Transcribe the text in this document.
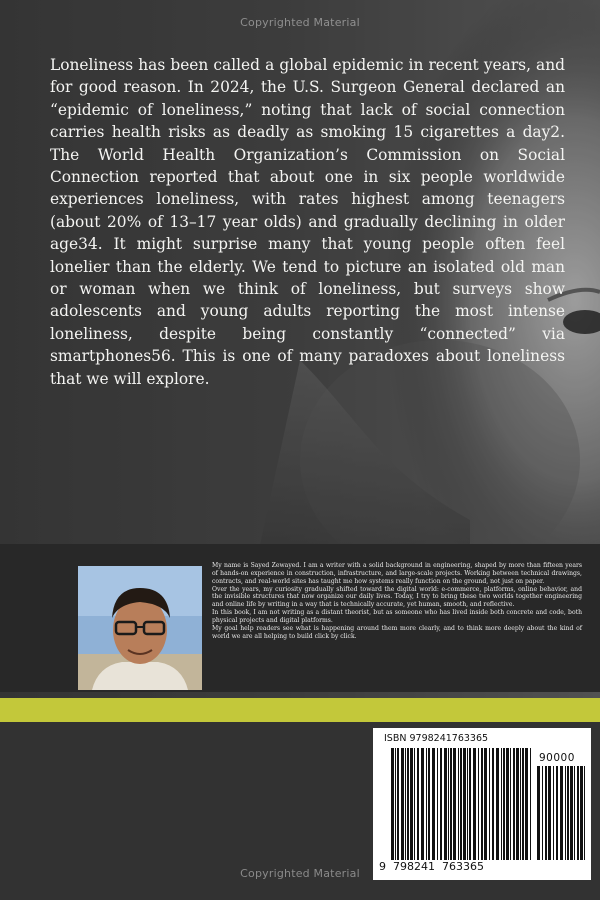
Copyrighted Material

Loneliness has been called a global epidemic in recent years, and for good reason. In 2024, the U.S. Surgeon General declared an “epidemic of loneliness,” noting that lack of social connection carries health risks as deadly as smoking 15 cigarettes a day2. The World Health Organization’s Commission on Social Connection reported that about one in six people worldwide experiences loneliness, with rates highest among teenagers (about 20% of 13–17 year olds) and gradually declining in older age34. It might surprise many that young people often feel lonelier than the elderly. We tend to picture an isolated old man or woman when we think of loneliness, but surveys show adolescents and young adults reporting the most intense loneliness, despite being constantly “connected” via smartphones56. This is one of many paradoxes about loneliness that we will explore.

My name is Sayed Zewayed. I am a writer with a solid background in engineering, shaped by more than fifteen years of hands-on experience in construction, infrastructure, and large-scale projects. Working between technical drawings, contracts, and real-world sites has taught me how systems really function on the ground, not just on paper.

Over the years, my curiosity gradually shifted toward the digital world: e-commerce, platforms, online behavior, and the invisible structures that now organize our daily lives. Today, I try to bring these two worlds together engineering and online life by writing in a way that is technically accurate, yet human, smooth, and reflective.

In this book, I am not writing as a distant theorist, but as someone who has lived inside both concrete and code, both physical projects and digital platforms.

My goal help readers see what is happening around them more clearly, and to think more deeply about the kind of world we are all helping to build click by click.

ISBN 9798241763365
90000
9  798241  763365
Copyrighted Material
